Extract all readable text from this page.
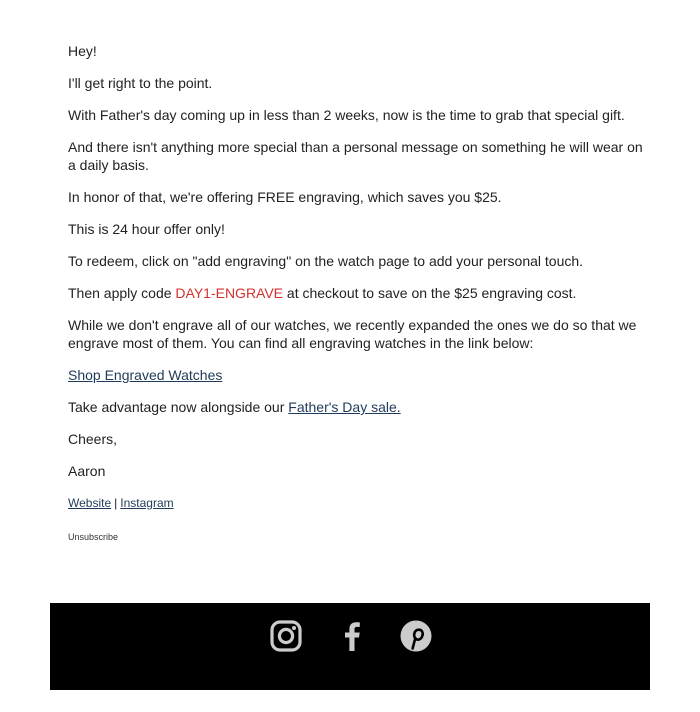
Hey!

I'll get right to the point.

With Father's day coming up in less than 2 weeks, now is the time to grab that special gift.

And there isn't anything more special than a personal message on something he will wear on a daily basis.

In honor of that, we're offering FREE engraving, which saves you $25.

This is 24 hour offer only!

To redeem, click on "add engraving" on the watch page to add your personal touch.

Then apply code DAY1-ENGRAVE at checkout to save on the $25 engraving cost.

While we don't engrave all of our watches, we recently expanded the ones we do so that we engrave most of them. You can find all engraving watches in the link below:

Shop Engraved Watches

Take advantage now alongside our Father's Day sale.

Cheers,

Aaron

Website | Instagram
Unsubscribe
